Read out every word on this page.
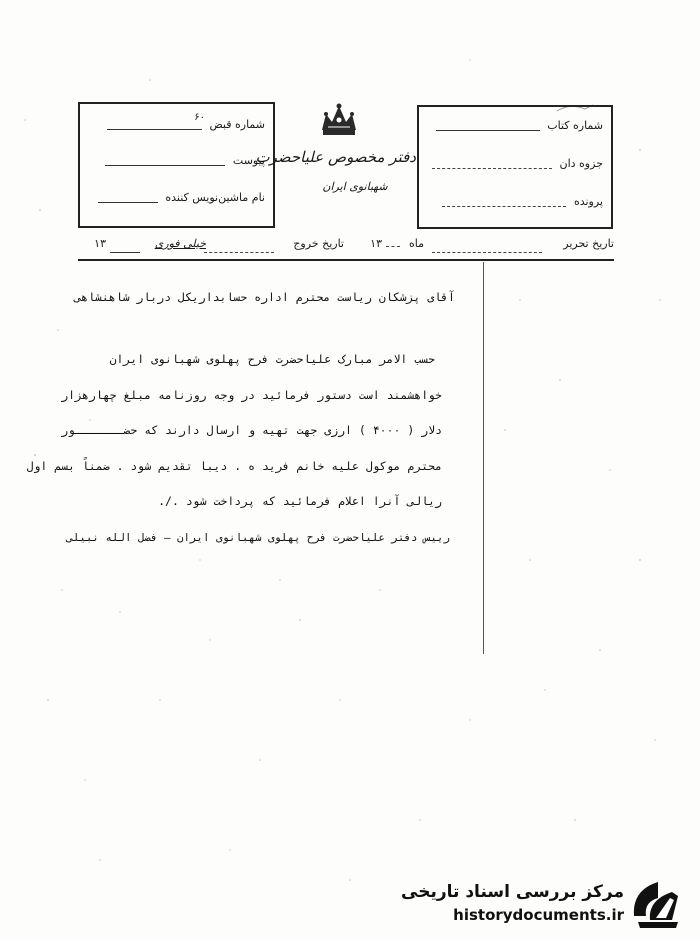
شماره قبض
۶۰
پیوست
نام ماشین‌نویس کننده
دفتر مخصوص علیاحضرت
شهبانوی ایران
شماره کتاب
جزوه دان
پرونده
تاریخ تحریر
ماه
۱۳
تاریخ خروج
خیلی فوری
۱۳
آقای پزشکان ریاست محترم اداره حسابداریکل دربار شاهنشاهی
حسب الامر مبارک علیاحضرت فرح پهلوی شهبانوی ایران
خواهشمند است دستور فرمائید در وجه روزنامه مبلغ چهارهزار
دلار ( ۴۰۰۰ ) ارزی جهت تهیه و ارسال دارند که حضـــــــور
محترم موکول علیه خانم فرید ه . دیبا تقدیم شود . ضمناً بسم اول
ریالی آنرا اعلام فرمائید که پرداخت شود ./.
رییس دفتر علیاحضرت فرح پهلوی شهبانوی ایران – فضل الله نبیلی
مرکز بررسی اسناد تاریخی
historydocuments.ir
